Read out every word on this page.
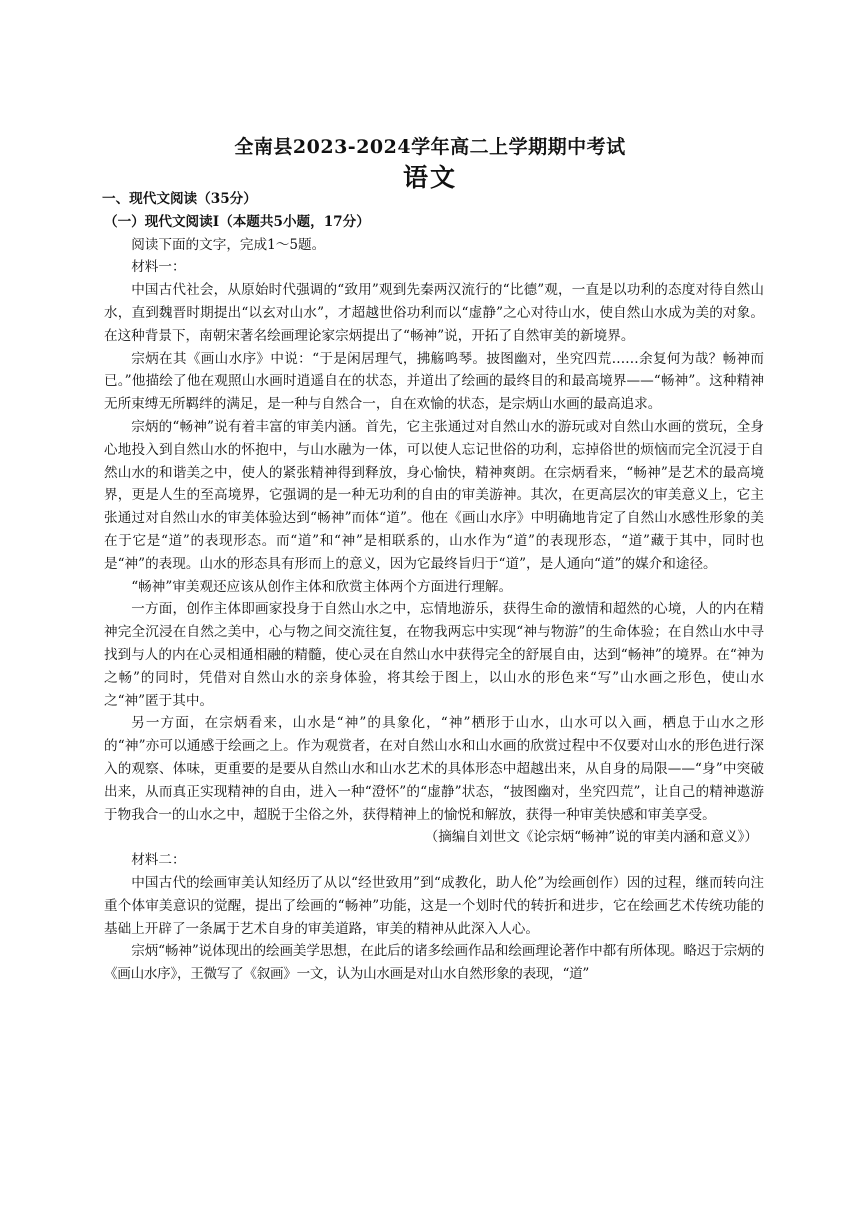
全南县2023-2024学年高二上学期期中考试
语文
一、现代文阅读（35分）
（一）现代文阅读Ⅰ（本题共5小题，17分）

阅读下面的文字，完成1～5题。

材料一：

中国古代社会，从原始时代强调的“致用”观到先秦两汉流行的“比德”观，一直是以功利的态度对待自然山水，直到魏晋时期提出“以玄对山水”，才超越世俗功利而以“虚静”之心对待山水，使自然山水成为美的对象。在这种背景下，南朝宋著名绘画理论家宗炳提出了“畅神”说，开拓了自然审美的新境界。

宗炳在其《画山水序》中说：“于是闲居理气，拂觞鸣琴。披图幽对，坐究四荒……余复何为哉？畅神而已。”他描绘了他在观照山水画时逍遥自在的状态，并道出了绘画的最终目的和最高境界——“畅神”。这种精神无所束缚无所羁绊的满足，是一种与自然合一，自在欢愉的状态，是宗炳山水画的最高追求。

宗炳的“畅神”说有着丰富的审美内涵。首先，它主张通过对自然山水的游玩或对自然山水画的赏玩，全身心地投入到自然山水的怀抱中，与山水融为一体，可以使人忘记世俗的功利，忘掉俗世的烦恼而完全沉浸于自然山水的和谐美之中，使人的紧张精神得到释放，身心愉快，精神爽朗。在宗炳看来，“畅神”是艺术的最高境界，更是人生的至高境界，它强调的是一种无功利的自由的审美游神。其次，在更高层次的审美意义上，它主张通过对自然山水的审美体验达到“畅神”而体“道”。他在《画山水序》中明确地肯定了自然山水感性形象的美在于它是“道”的表现形态。而“道”和“神”是相联系的，山水作为“道”的表现形态，“道”藏于其中，同时也是“神”的表现。山水的形态具有形而上的意义，因为它最终旨归于“道”，是人通向“道”的媒介和途径。

“畅神”审美观还应该从创作主体和欣赏主体两个方面进行理解。

一方面，创作主体即画家投身于自然山水之中，忘情地游乐，获得生命的激情和超然的心境，人的内在精神完全沉浸在自然之美中，心与物之间交流往复，在物我两忘中实现“神与物游”的生命体验；在自然山水中寻找到与人的内在心灵相通相融的精髓，使心灵在自然山水中获得完全的舒展自由，达到“畅神”的境界。在“神为之畅”的同时，凭借对自然山水的亲身体验，将其绘于图上，以山水的形色来“写”山水画之形色，使山水之“神”匿于其中。

另一方面，在宗炳看来，山水是“神”的具象化，“神”栖形于山水，山水可以入画，栖息于山水之形的“神”亦可以通感于绘画之上。作为观赏者，在对自然山水和山水画的欣赏过程中不仅要对山水的形色进行深入的观察、体味，更重要的是要从自然山水和山水艺术的具体形态中超越出来，从自身的局限——“身”中突破出来，从而真正实现精神的自由，进入一种“澄怀”的“虚静”状态，“披图幽对，坐究四荒”，让自己的精神遨游于物我合一的山水之中，超脱于尘俗之外，获得精神上的愉悦和解放，获得一种审美快感和审美享受。

（摘编自刘世文《论宗炳“畅神”说的审美内涵和意义》）

材料二：

中国古代的绘画审美认知经历了从以“经世致用”到“成教化，助人伦”为绘画创作）因的过程，继而转向注重个体审美意识的觉醒，提出了绘画的“畅神”功能，这是一个划时代的转折和进步，它在绘画艺术传统功能的基础上开辟了一条属于艺术自身的审美道路，审美的精神从此深入人心。

宗炳“畅神”说体现出的绘画美学思想，在此后的诸多绘画作品和绘画理论著作中都有所体现。略迟于宗炳的《画山水序》，王微写了《叙画》一文，认为山水画是对山水自然形象的表现，“道”
